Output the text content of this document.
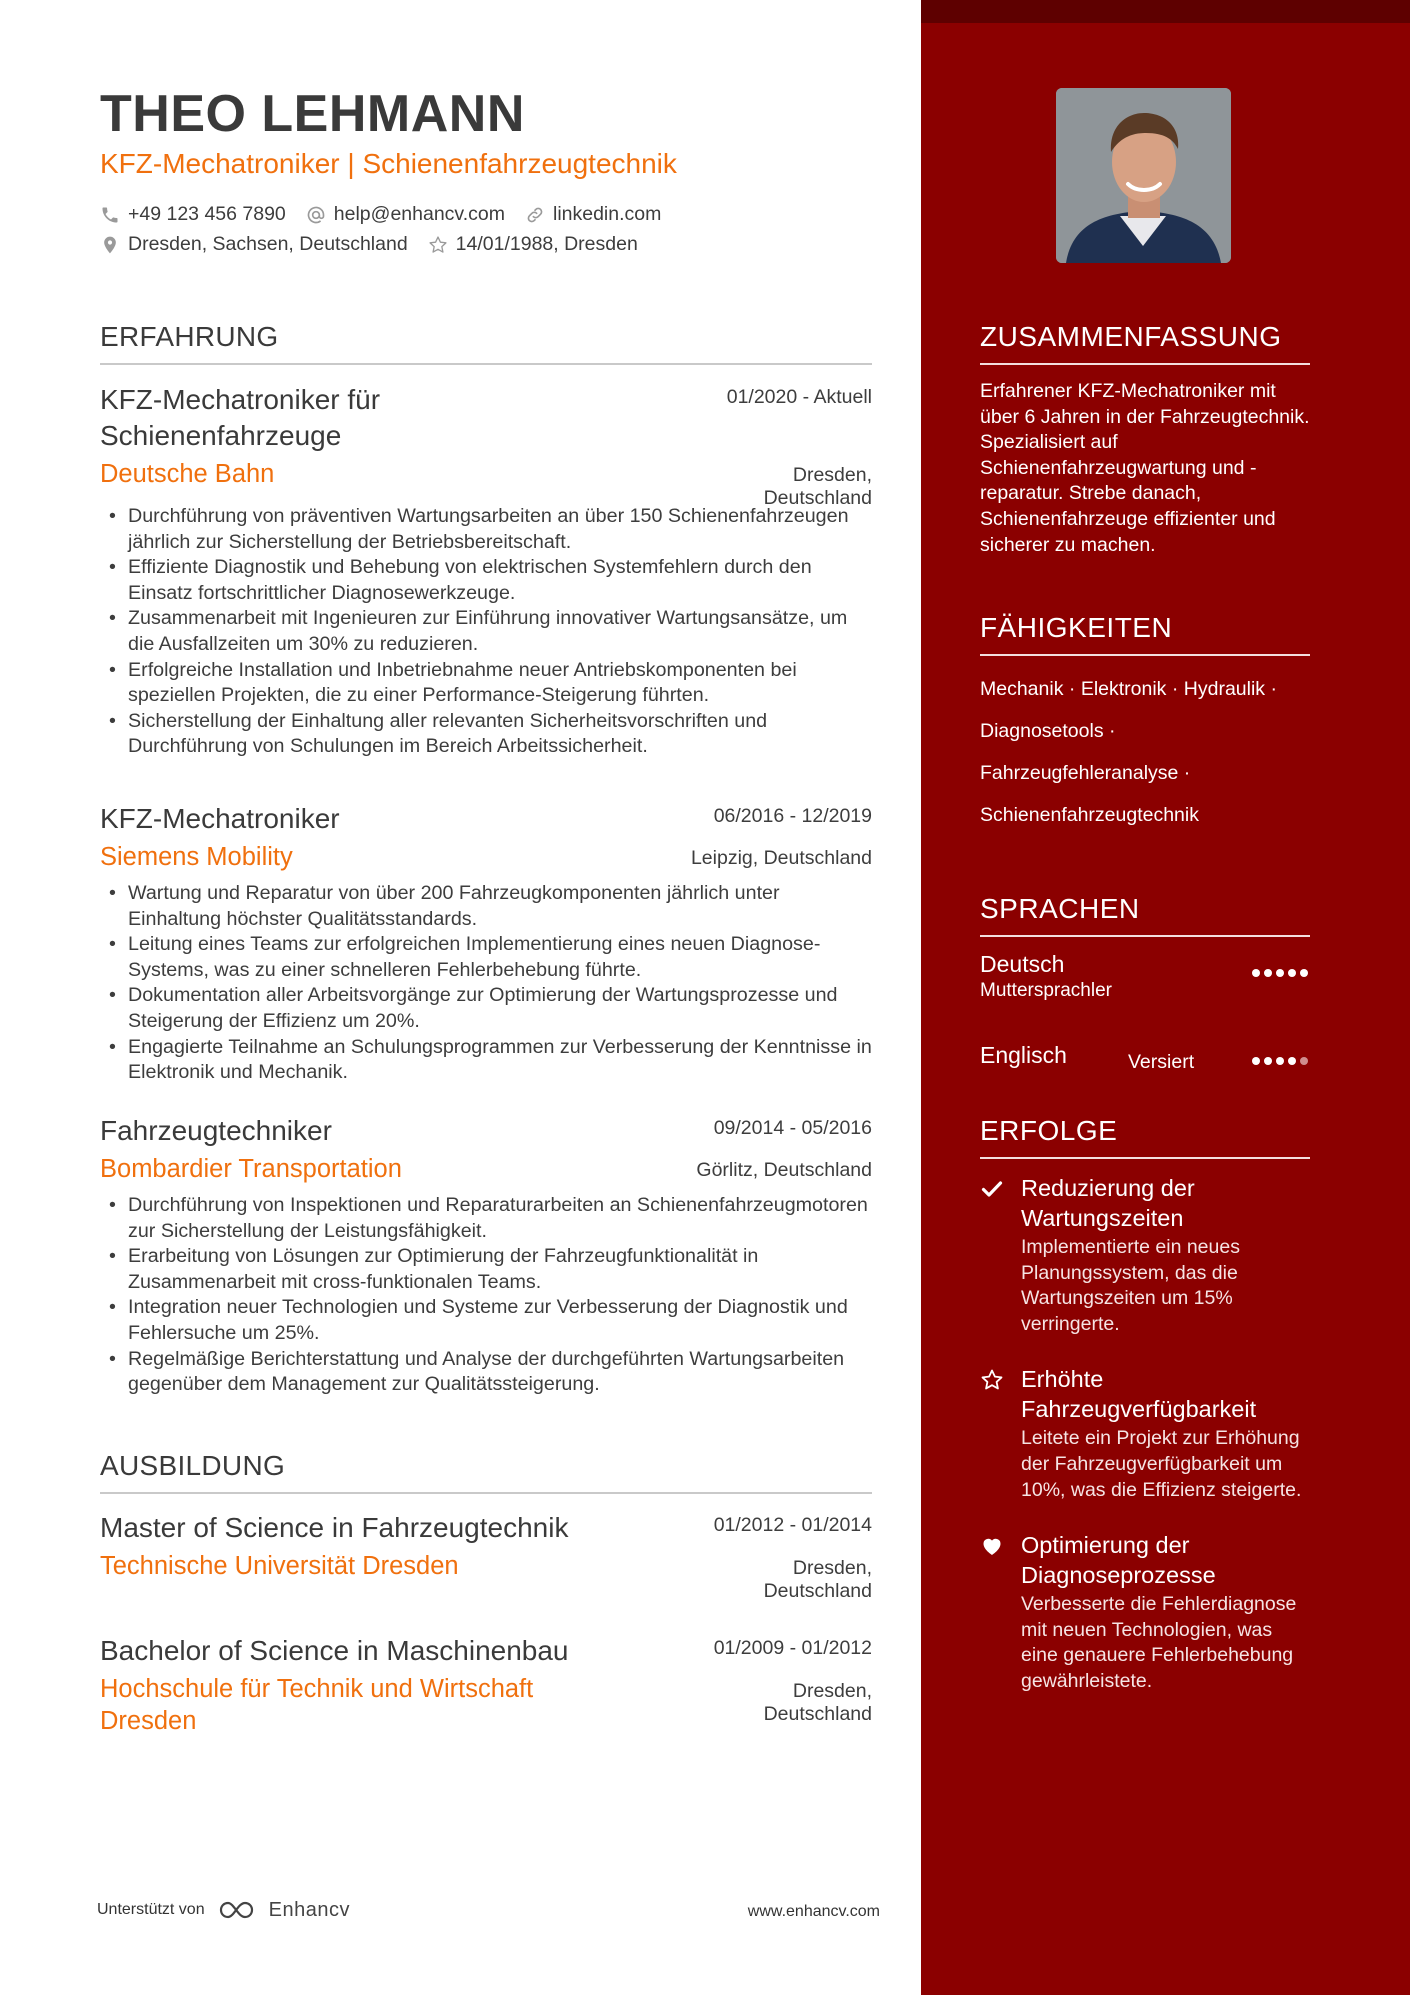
THEO LEHMANN
KFZ-Mechatroniker | Schienenfahrzeugtechnik
+49 123 456 7890 help@enhancv.com linkedin.com
Dresden, Sachsen, Deutschland 14/01/1988, Dresden
ERFAHRUNG
KFZ-Mechatroniker für Schienenfahrzeuge
01/2020 - Aktuell
Deutsche Bahn	Dresden, Deutschland
• Durchführung von präventiven Wartungsarbeiten an über 150 Schienenfahrzeugen jährlich zur Sicherstellung der Betriebsbereitschaft.
• Effiziente Diagnostik und Behebung von elektrischen Systemfehlern durch den Einsatz fortschrittlicher Diagnosewerkzeuge.
• Zusammenarbeit mit Ingenieuren zur Einführung innovativer Wartungsansätze, um die Ausfallzeiten um 30% zu reduzieren.
• Erfolgreiche Installation und Inbetriebnahme neuer Antriebskomponenten bei speziellen Projekten, die zu einer Performance-Steigerung führten.
• Sicherstellung der Einhaltung aller relevanten Sicherheitsvorschriften und Durchführung von Schulungen im Bereich Arbeitssicherheit.
KFZ-Mechatroniker	06/2016 - 12/2019
Siemens Mobility	Leipzig, Deutschland
• Wartung und Reparatur von über 200 Fahrzeugkomponenten jährlich unter Einhaltung höchster Qualitätsstandards.
• Leitung eines Teams zur erfolgreichen Implementierung eines neuen Diagnose-Systems, was zu einer schnelleren Fehlerbehebung führte.
• Dokumentation aller Arbeitsvorgänge zur Optimierung der Wartungsprozesse und Steigerung der Effizienz um 20%.
• Engagierte Teilnahme an Schulungsprogrammen zur Verbesserung der Kenntnisse in Elektronik und Mechanik.
Fahrzeugtechniker	09/2014 - 05/2016
Bombardier Transportation	Görlitz, Deutschland
• Durchführung von Inspektionen und Reparaturarbeiten an Schienenfahrzeugmotoren zur Sicherstellung der Leistungsfähigkeit.
• Erarbeitung von Lösungen zur Optimierung der Fahrzeugfunktionalität in Zusammenarbeit mit cross-funktionalen Teams.
• Integration neuer Technologien und Systeme zur Verbesserung der Diagnostik und Fehlersuche um 25%.
• Regelmäßige Berichterstattung und Analyse der durchgeführten Wartungsarbeiten gegenüber dem Management zur Qualitätssteigerung.
AUSBILDUNG
Master of Science in Fahrzeugtechnik	01/2012 - 01/2014
Technische Universität Dresden	Dresden, Deutschland
Bachelor of Science in Maschinenbau	01/2009 - 01/2012
Hochschule für Technik und Wirtschaft Dresden
Dresden, Deutschland
Unterstützt von	Enhancv	www.enhancv.com
ZUSAMMENFASSUNG
Erfahrener KFZ-Mechatroniker mit über 6 Jahren in der Fahrzeugtechnik. Spezialisiert auf Schienenfahrzeugwartung und -reparatur. Strebe danach, Schienenfahrzeuge effizienter und sicherer zu machen.
FÄHIGKEITEN
Mechanik · Elektronik · Hydraulik ·
Diagnosetools ·
Fahrzeugfehleranalyse ·
Schienenfahrzeugtechnik
SPRACHEN
Deutsch
Muttersprachler
Englisch	Versiert
ERFOLGE
Reduzierung der Wartungszeiten
Implementierte ein neues Planungssystem, das die Wartungszeiten um 15% verringerte.
Erhöhte Fahrzeugverfügbarkeit
Leitete ein Projekt zur Erhöhung der Fahrzeugverfügbarkeit um 10%, was die Effizienz steigerte.
Optimierung der Diagnoseprozesse
Verbesserte die Fehlerdiagnose mit neuen Technologien, was eine genauere Fehlerbehebung gewährleistete.
